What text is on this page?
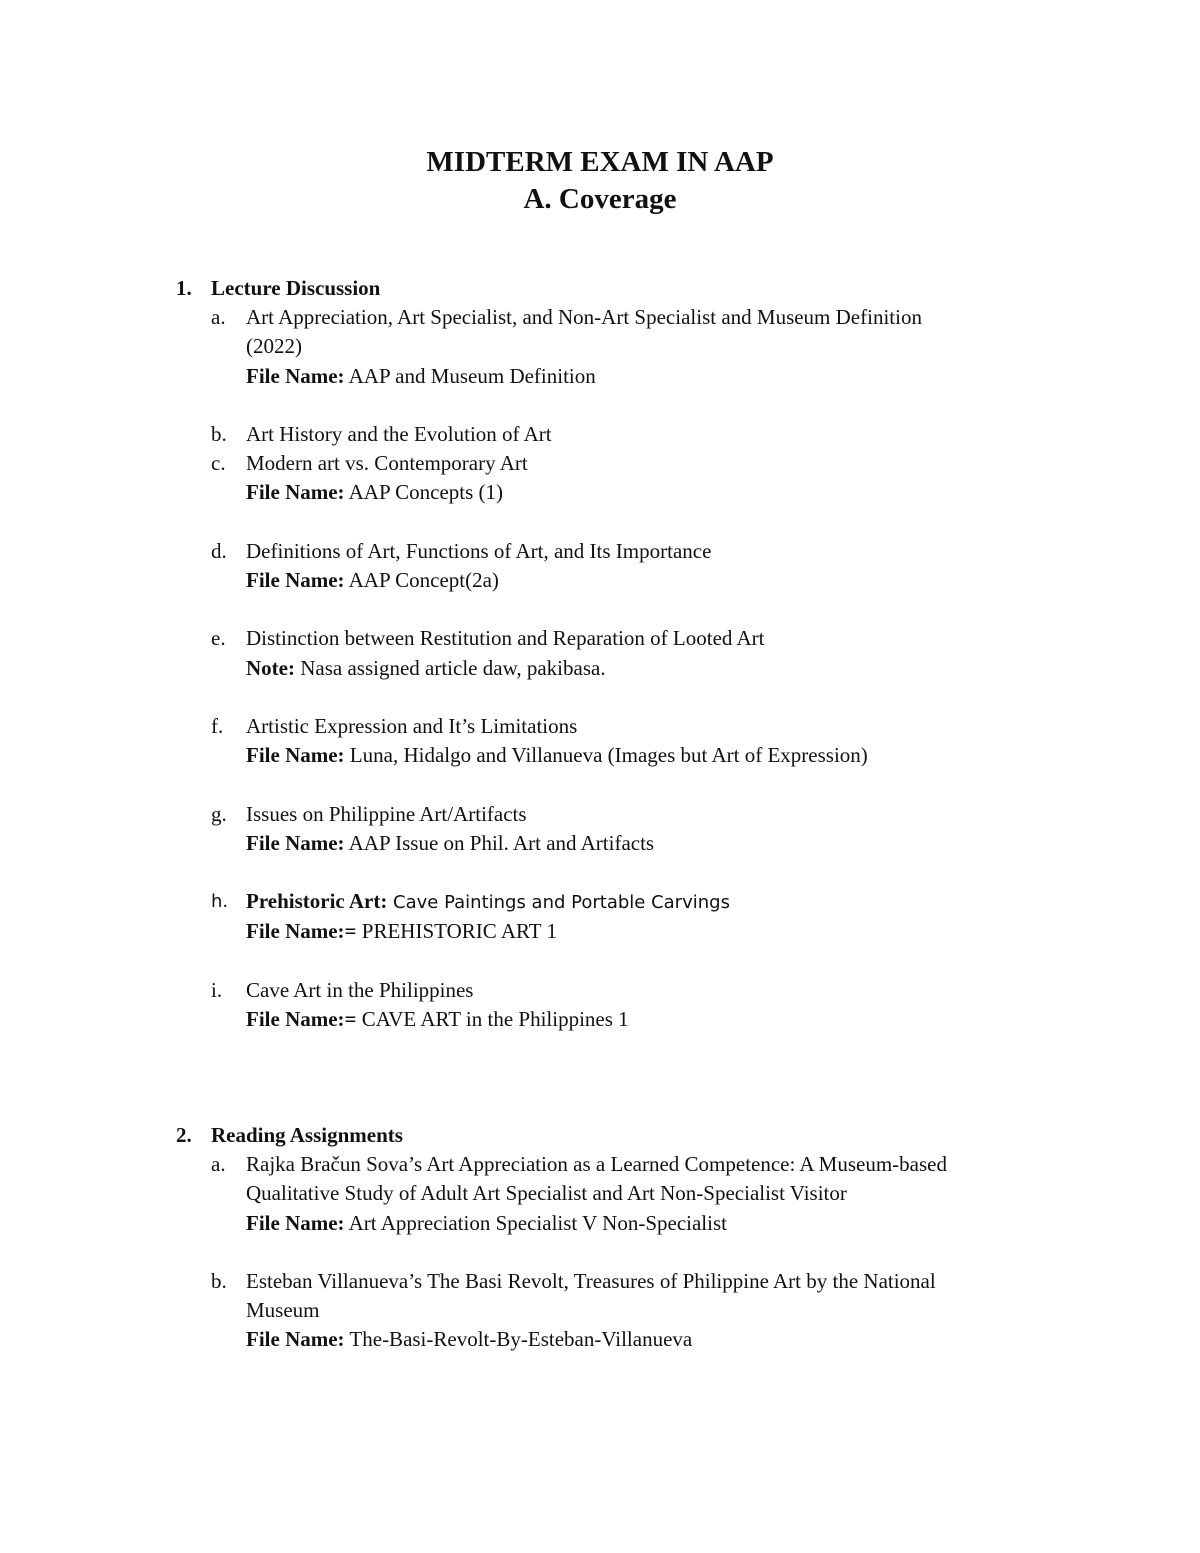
MIDTERM EXAM IN AAP
A. Coverage
1. Lecture Discussion
a. Art Appreciation, Art Specialist, and Non-Art Specialist and Museum Definition
(2022)
File Name: AAP and Museum Definition
b. Art History and the Evolution of Art
c. Modern art vs. Contemporary Art
File Name: AAP Concepts (1)
d. Definitions of Art, Functions of Art, and Its Importance
File Name: AAP Concept(2a)
e. Distinction between Restitution and Reparation of Looted Art
Note: Nasa assigned article daw, pakibasa.
f.	Artistic Expression and It’s Limitations
File Name: Luna, Hidalgo and Villanueva (Images but Art of Expression)
g. Issues on Philippine Art/Artifacts
File Name: AAP Issue on Phil. Art and Artifacts
h. Prehistoric Art: Cave Paintings and Portable Carvings
File Name:= PREHISTORIC ART 1
i.	Cave Art in the Philippines
File Name:= CAVE ART in the Philippines 1
2. Reading Assignments
a. Rajka Bračun Sova’s Art Appreciation as a Learned Competence: A Museum-based
Qualitative Study of Adult Art Specialist and Art Non-Specialist Visitor
File Name: Art Appreciation Specialist V Non-Specialist
b. Esteban Villanueva’s The Basi Revolt, Treasures of Philippine Art by the National
Museum
File Name: The-Basi-Revolt-By-Esteban-Villanueva
